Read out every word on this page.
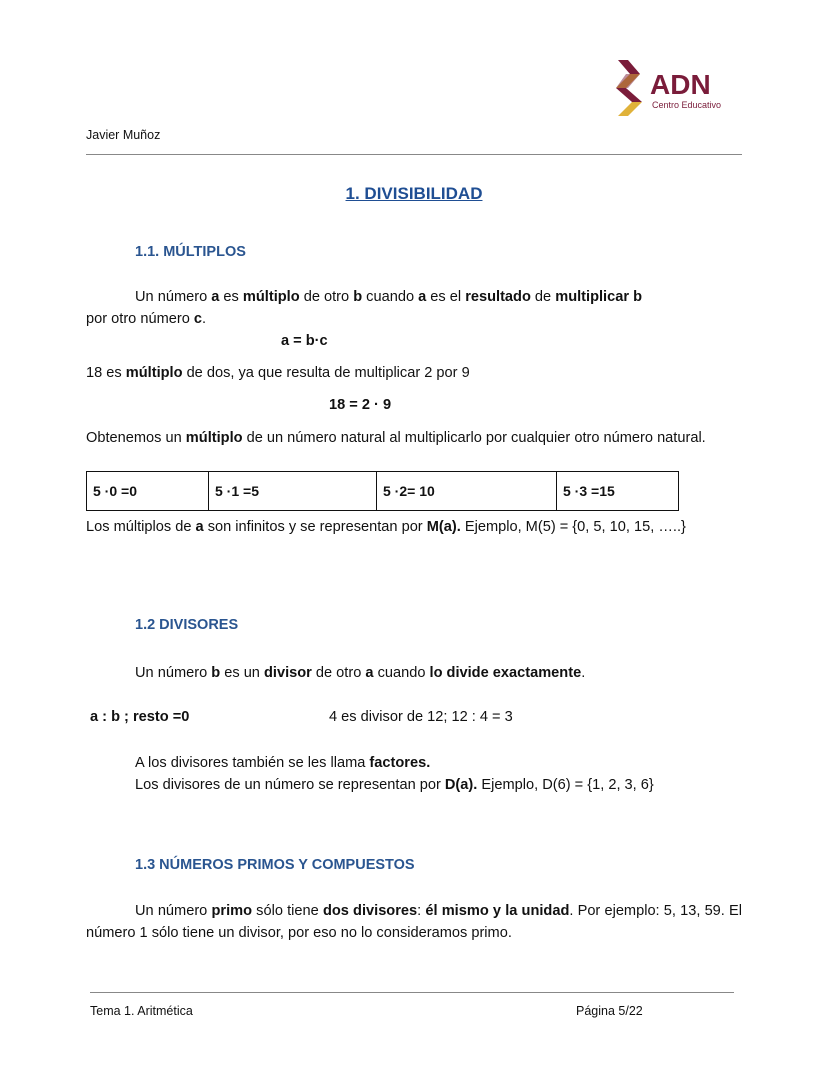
ADN
Centro Educativo
Javier Muñoz
1. DIVISIBILIDAD
1.1. MÚLTIPLOS
Un número a es múltiplo de otro b cuando a es el resultado de multiplicar b
por otro número c.
a = b·c
18 es múltiplo de dos, ya que resulta de multiplicar 2 por 9
18 = 2 · 9
Obtenemos un múltiplo de un número natural al multiplicarlo por cualquier otro número natural.
5 ·0 =0	5 ·1 =5	5 ·2= 10	5 ·3 =15
Los múltiplos de a son infinitos y se representan por M(a). Ejemplo, M(5) = {0, 5, 10, 15, …..}
1.2 DIVISORES
Un número b es un divisor de otro a cuando lo divide exactamente.
a : b ; resto =0	4 es divisor de 12; 12 : 4 = 3
A los divisores también se les llama factores.
Los divisores de un número se representan por D(a). Ejemplo, D(6) = {1, 2, 3, 6}
1.3 NÚMEROS PRIMOS Y COMPUESTOS
Un número primo sólo tiene dos divisores: él mismo y la unidad. Por ejemplo: 5, 13, 59. El número 1 sólo tiene un divisor, por eso no lo consideramos primo.
Tema 1. Aritmética	Página 5/22
